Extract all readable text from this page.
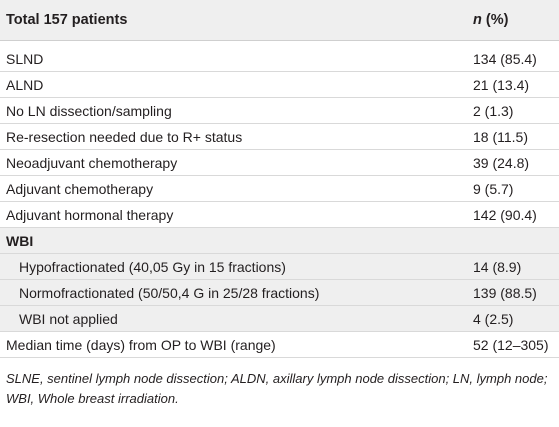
Total 157 patients	n (%)
SLND	134 (85.4)
ALND	21 (13.4)
No LN dissection/sampling	2 (1.3)
Re-resection needed due to R+ status	18 (11.5)
Neoadjuvant chemotherapy	39 (24.8)
Adjuvant chemotherapy	9 (5.7)
Adjuvant hormonal therapy	142 (90.4)
WBI
Hypofractionated (40,05 Gy in 15 fractions)	14 (8.9)
Normofractionated (50/50,4 G in 25/28 fractions)	139 (88.5)
WBI not applied	4 (2.5)
Median time (days) from OP to WBI (range)	52 (12–305)
SLNE, sentinel lymph node dissection; ALDN, axillary lymph node dissection; LN, lymph node; WBI, Whole breast irradiation.
